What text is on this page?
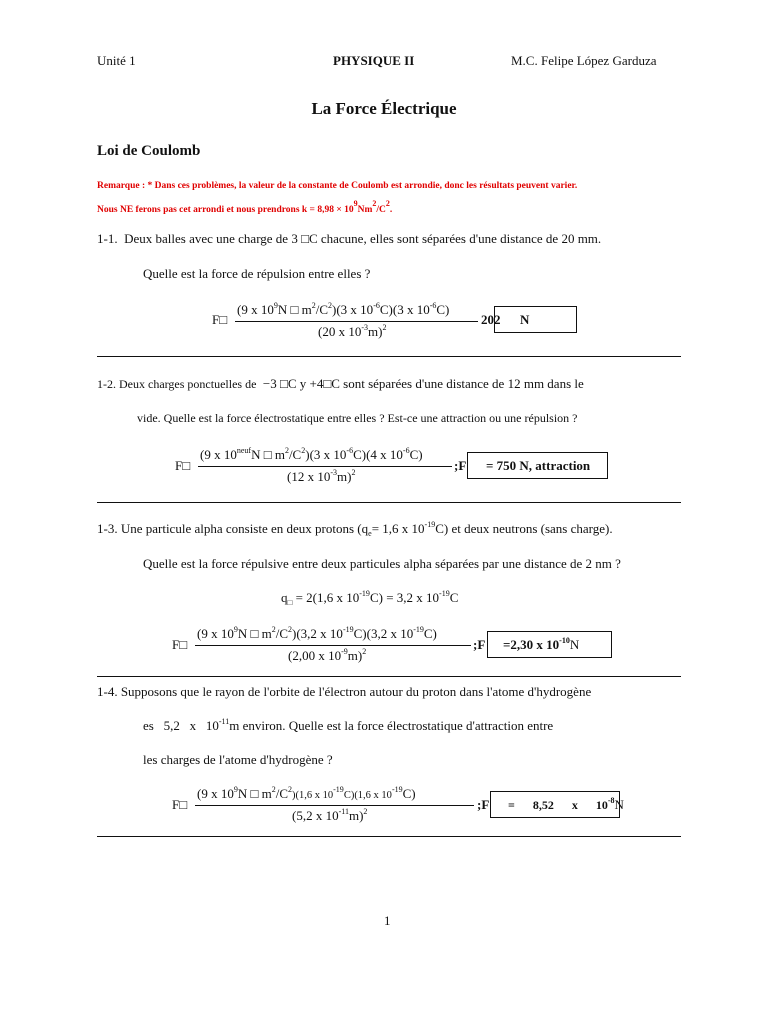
Unité 1	PHYSIQUE II	M.C. Felipe López Garduza
La Force Électrique
Loi de Coulomb
Remarque : * Dans ces problèmes, la valeur de la constante de Coulomb est arrondie, donc les résultats peuvent varier.
Nous NE ferons pas cet arrondi et nous prendrons $k = 8,98 \times 10^9Nm^2/C^2$.
1-1. Deux balles avec une charge de 3 □C chacune, elles sont séparées d'une distance de 20 mm.
Quelle est la force de répulsion entre elles ?
F□
(9 x $10^9N$ □ $m^2/C^2)(3$ x $10^{-6}C)(3$ x $10^{-6}C$)
(20 x $10^{-3}m)^2$
202 N
1-2. Deux charges ponctuelles de −3 □C y +4□C sont séparées d'une distance de 12 mm dans le
vide. Quelle est la force électrostatique entre elles ? Est-ce une attraction ou une répulsion ?
F□
(9 x $10^{neuf}N$ □ $m^2/C^2)(3$ x $10^{-6}C)(4$ x $10^{-6}C$)
(12 x $10^{-3}m)^2$	;F = 750 N, attraction
1-3. Une particule alpha consiste en deux protons ($q_e= 1,6$ x $10^{-19}C$) et deux neutrons (sans charge).
Quelle est la force répulsive entre deux particules alpha séparées par une distance de 2 nm ?
$q_□ = 2(1,6$ x $10^{-19}C) = 3,2$ x $10^{-19}C$
F□
(9 x $10^9N$ □ $m^2/C^2)(3,2$ x $10^{-19}C)(3,2$ x $10^{-19}C$)
(2,00 x $10^{-9}m)^2$	;F =2,30 x $10^{-10}N$
1-4. Supposons que le rayon de l'orbite de l'électron autour du proton dans l'atome d'hydrogène
es   5,2   x   $10^{-11}m$ environ. Quelle est la force électrostatique d'attraction entre
les charges de l'atome d'hydrogène ?
F□
(9 x $10^9N$ □ $m^2/C^2)(1,6$ x $10^{-19}C)(1,6$ x $10^{-19}C$)
(5,2 x $10^{-11}m)^2$	;F =      8,52      x      $10^{-8}N$
1
